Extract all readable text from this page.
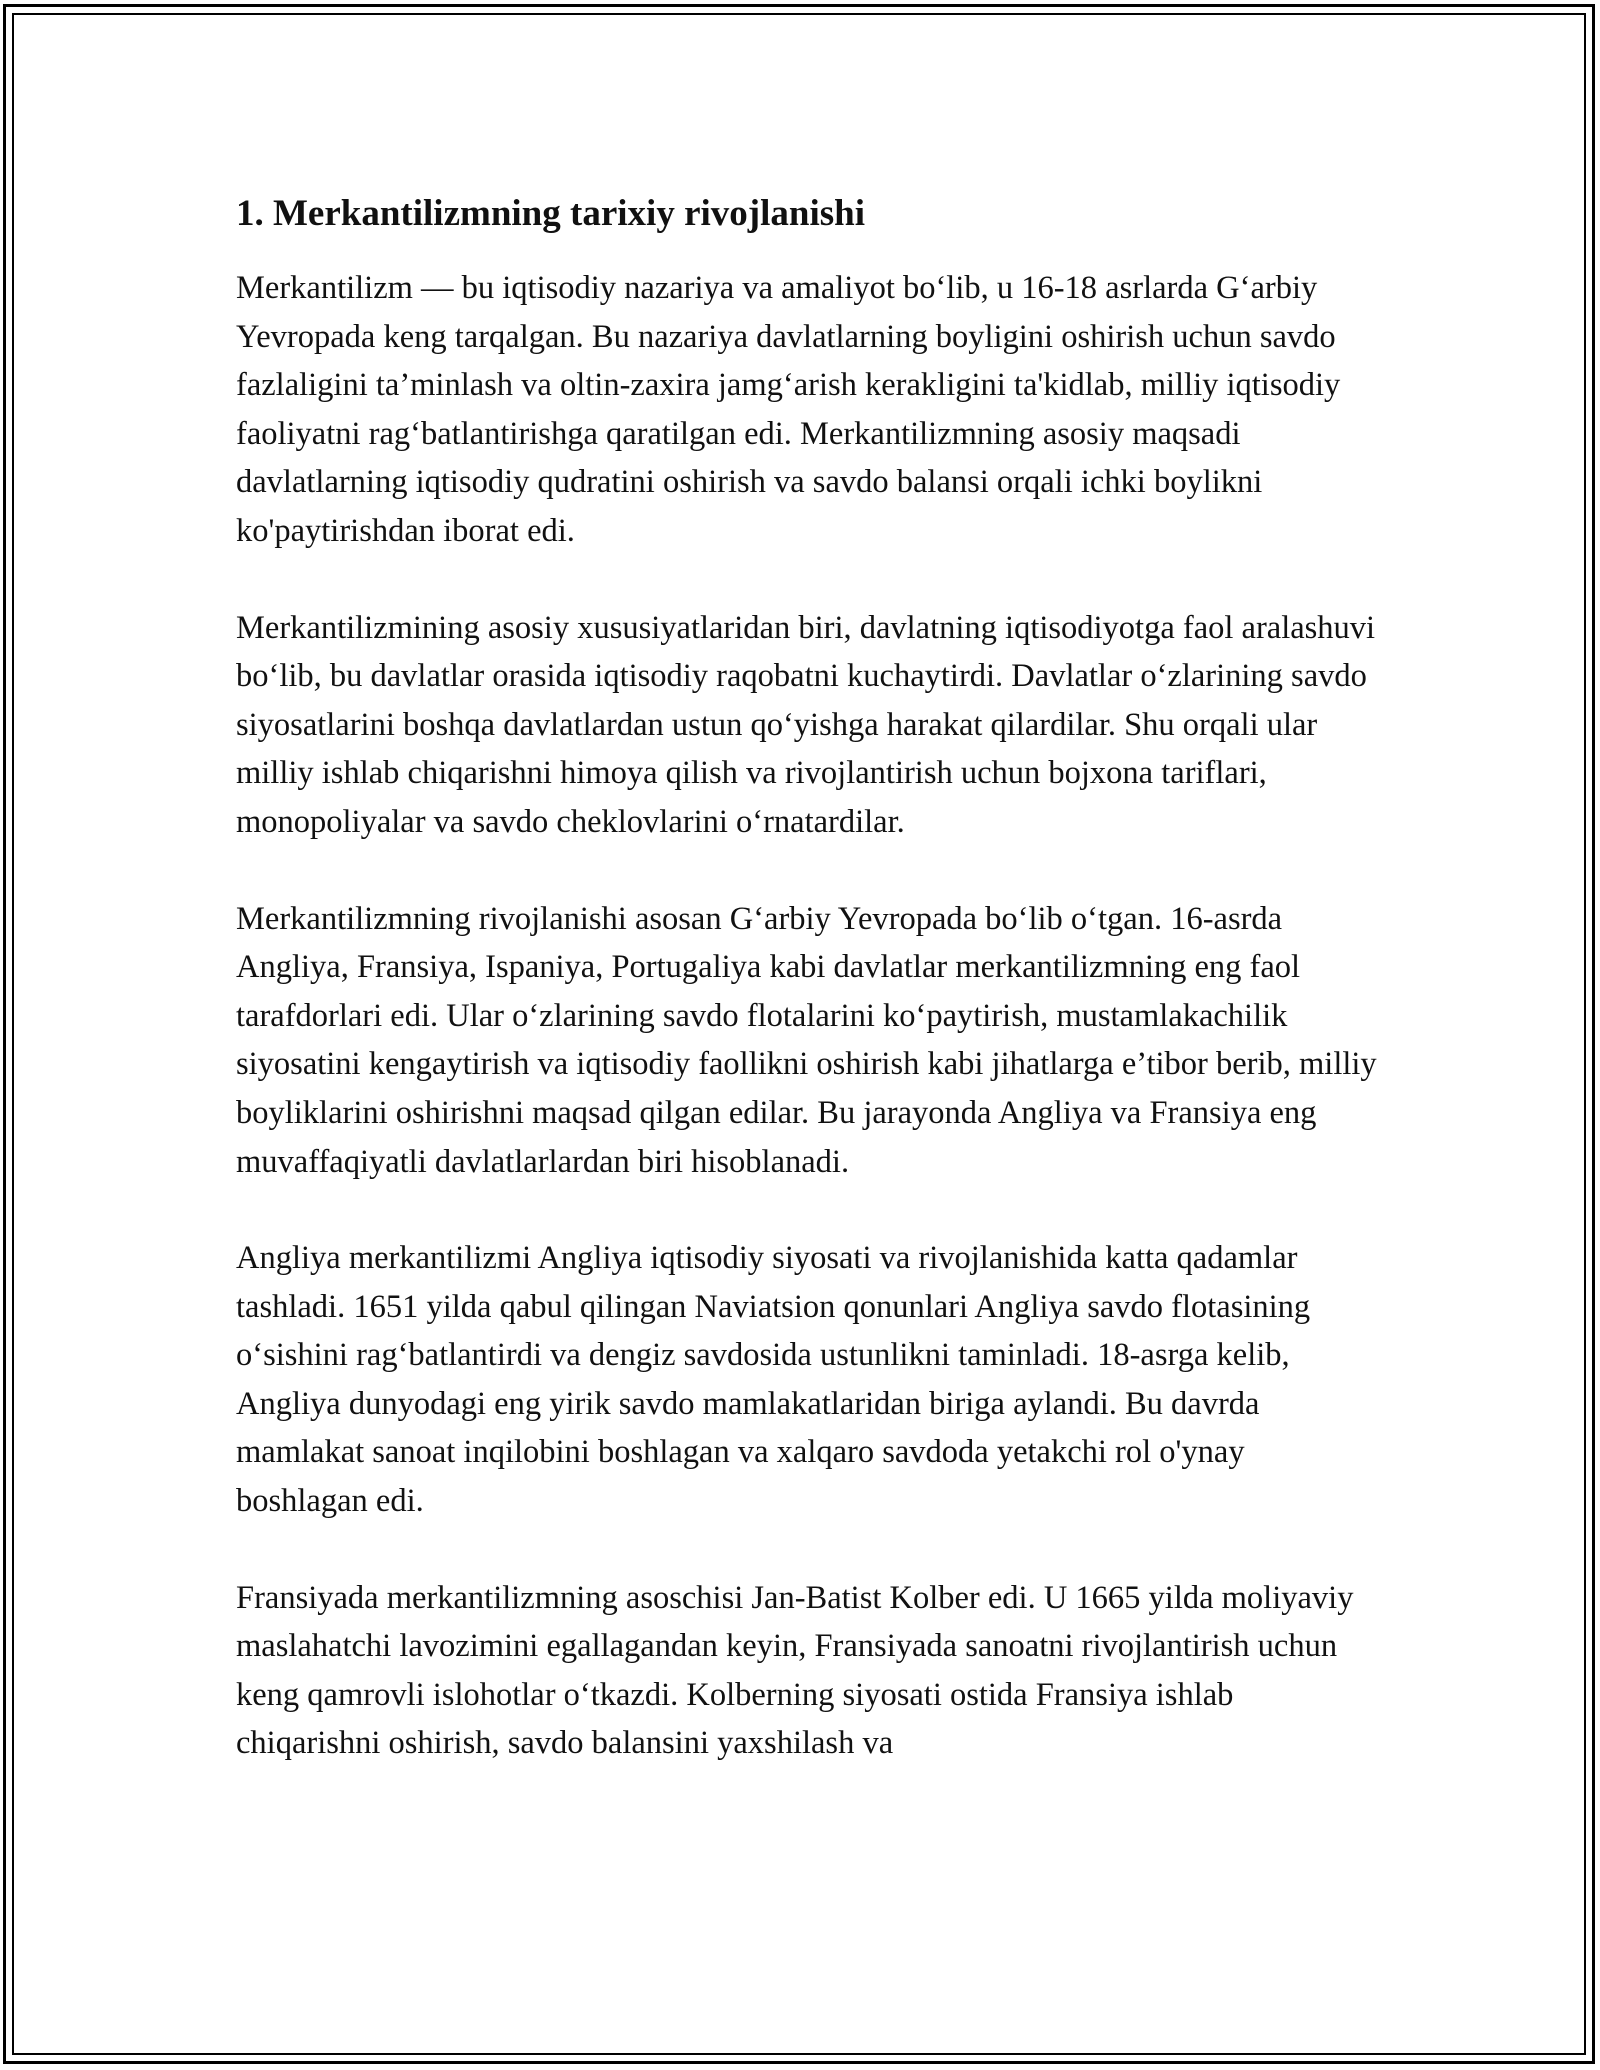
1. Merkantilizmning tarixiy rivojlanishi

Merkantilizm — bu iqtisodiy nazariya va amaliyot bo‘lib, u 16-18 asrlarda G‘arbiy Yevropada keng tarqalgan. Bu nazariya davlatlarning boyligini oshirish uchun savdo fazlaligini ta’minlash va oltin-zaxira jamg‘arish kerakligini ta'kidlab, milliy iqtisodiy faoliyatni rag‘batlantirishga qaratilgan edi. Merkantilizmning asosiy maqsadi davlatlarning iqtisodiy qudratini oshirish va savdo balansi orqali ichki boylikni ko'paytirishdan iborat edi.

Merkantilizmining asosiy xususiyatlaridan biri, davlatning iqtisodiyotga faol aralashuvi bo‘lib, bu davlatlar orasida iqtisodiy raqobatni kuchaytirdi. Davlatlar o‘zlarining savdo siyosatlarini boshqa davlatlardan ustun qo‘yishga harakat qilardilar. Shu orqali ular milliy ishlab chiqarishni himoya qilish va rivojlantirish uchun bojxona tariflari, monopoliyalar va savdo cheklovlarini o‘rnatardilar.

Merkantilizmning rivojlanishi asosan G‘arbiy Yevropada bo‘lib o‘tgan. 16-asrda Angliya, Fransiya, Ispaniya, Portugaliya kabi davlatlar merkantilizmning eng faol tarafdorlari edi. Ular o‘zlarining savdo flotalarini ko‘paytirish, mustamlakachilik siyosatini kengaytirish va iqtisodiy faollikni oshirish kabi jihatlarga e’tibor berib, milliy boyliklarini oshirishni maqsad qilgan edilar. Bu jarayonda Angliya va Fransiya eng muvaffaqiyatli davlatlarlardan biri hisoblanadi.

Angliya merkantilizmi Angliya iqtisodiy siyosati va rivojlanishida katta qadamlar tashladi. 1651 yilda qabul qilingan Naviatsion qonunlari Angliya savdo flotasining o‘sishini rag‘batlantirdi va dengiz savdosida ustunlikni taminladi. 18-asrga kelib, Angliya dunyodagi eng yirik savdo mamlakatlaridan biriga aylandi. Bu davrda mamlakat sanoat inqilobini boshlagan va xalqaro savdoda yetakchi rol o'ynay boshlagan edi.

Fransiyada merkantilizmning asoschisi Jan-Batist Kolber edi. U 1665 yilda moliyaviy maslahatchi lavozimini egallagandan keyin, Fransiyada sanoatni rivojlantirish uchun keng qamrovli islohotlar o‘tkazdi. Kolberning siyosati ostida Fransiya ishlab chiqarishni oshirish, savdo balansini yaxshilash va
